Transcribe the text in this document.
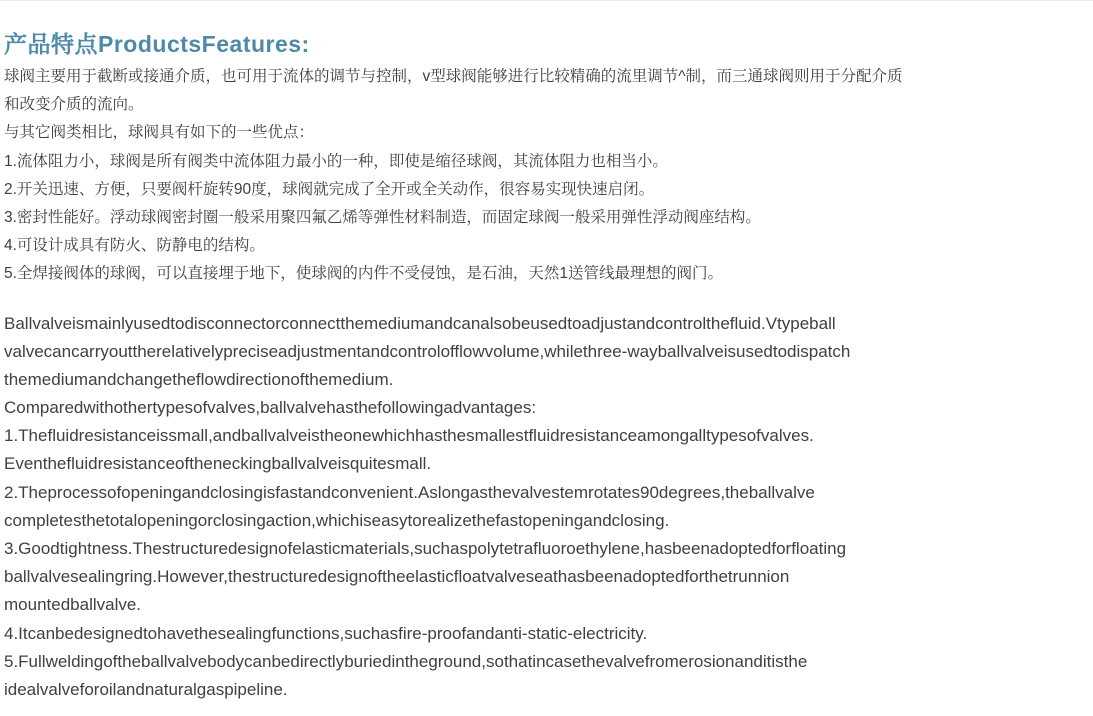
产品特点ProductsFeatures:
球阀主要用于截断或接通介质，也可用于流体的调节与控制，v型球阀能够进行比较精确的流里调节^制，而三通球阀则用于分配介质
和改变介质的流向。
与其它阀类相比，球阀具有如下的一些优点：
1.流体阻力小，球阀是所有阀类中流体阻力最小的一种，即使是缩径球阀，其流体阻力也相当小。
2.开关迅速、方便，只要阀杆旋转90度，球阀就完成了全开或全关动作，很容易实现快速启闭。
3.密封性能好。浮动球阀密封圈一般采用聚四氟乙烯等弹性材料制造，而固定球阀一般采用弹性浮动阀座结构。
4.可设计成具有防火、防静电的结构。
5.全焊接阀体的球阀，可以直接埋于地下，使球阀的内件不受侵蚀，是石油，天然1送管线最理想的阀门。
Ballvalveismainlyusedtodisconnectorconnectthemediumandcanalsobeusedtoadjustandcontrolthefluid.Vtypeball
valvecancarryouttherelativelypreciseadjustmentandcontrolofflowvolume,whilethree-wayballvalveisusedtodispatch
themediumandchangetheflowdirectionofthemedium.
Comparedwithothertypesofvalves,ballvalvehasthefollowingadvantages:
1.Thefluidresistanceissmall,andballvalveistheonewhichhasthesmallestfluidresistanceamongalltypesofvalves.
Eventhefluidresistanceoftheneckingballvalveisquitesmall.
2.Theprocessofopeningandclosingisfastandconvenient.Aslongasthevalvestemrotates90degrees,theballvalve
completesthetotalopeningorclosingaction,whichiseasytorealizethefastopeningandclosing.
3.Goodtightness.Thestructuredesignofelasticmaterials,suchaspolytetrafluoroethylene,hasbeenadoptedforfloating
ballvalvesealingring.However,thestructuredesignoftheelasticfloatvalveseathasbeenadoptedforthetrunnion
mountedballvalve.
4.Itcanbedesignedtohavethesealingfunctions,suchasfire-proofandanti-static-electricity.
5.Fullweldingoftheballvalvebodycanbedirectlyburiedintheground,sothatincasethevalvefromerosionanditisthe
idealvalveforoilandnaturalgaspipeline.
